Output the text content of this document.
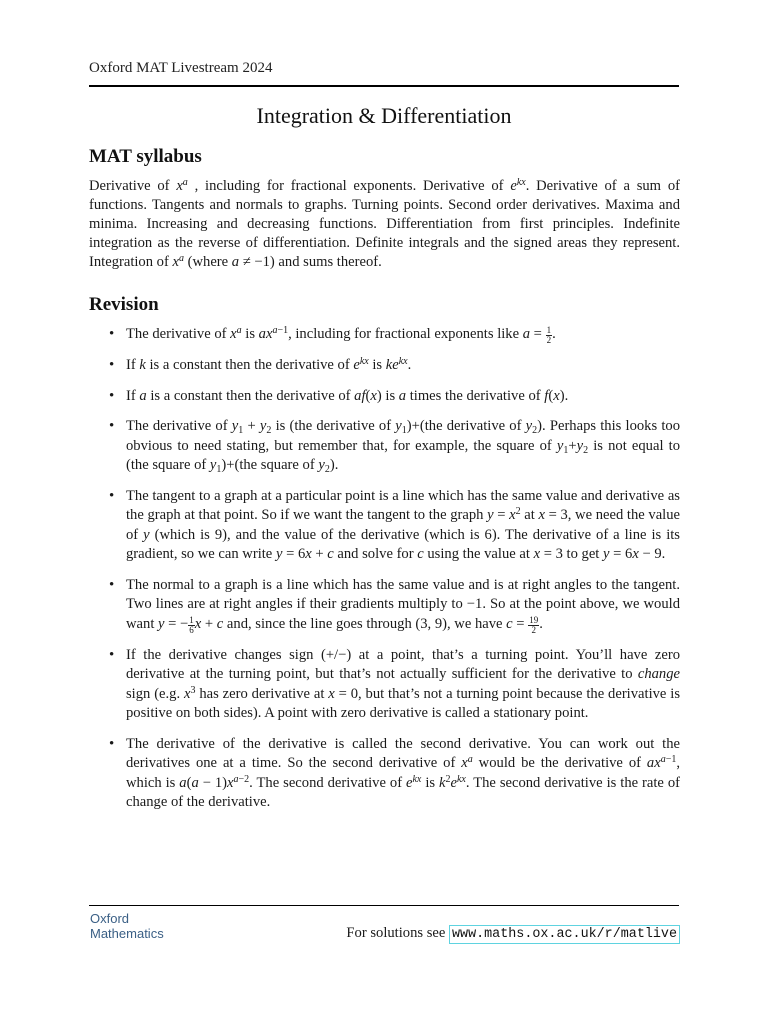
Oxford MAT Livestream 2024
Integration & Differentiation
MAT syllabus
Derivative of $x^a$ , including for fractional exponents. Derivative of $e^{kx}$. Derivative of a sum of functions. Tangents and normals to graphs. Turning points. Second order derivatives. Maxima and minima. Increasing and decreasing functions. Differentiation from first principles. Indefinite integration as the reverse of differentiation. Definite integrals and the signed areas they represent. Integration of $x^a$ (where a ≠ −1) and sums thereof.
Revision
• The derivative of $x^a$ is $ax^{a-1}$, including for fractional exponents like $a = \frac{1}{2}$ .
• If k is a constant then the derivative of $e^{kx}$ is $ke^{kx}$.
• If a is a constant then the derivative of af(x) is a times the derivative of f(x).
• The derivative of $y_1 + y_2$ is (the derivative of $y_1)+(the$ derivative of $y_2$). Perhaps this looks too obvious to need stating, but remember that, for example, the square of $y_1+y_2$ is not equal to (the square of $y_1)+(the$ square of $y_2$).
• The tangent to a graph at a particular point is a line which has the same value and derivative as the graph at that point. So if we want the tangent to the graph $y = x^2$ at x = 3, we need the value of y (which is 9), and the value of the derivative (which is 6). The derivative of a line is its gradient, so we can write y = 6x + c and solve for c using the value at x = 3 to get y = 6x − 9.
• The normal to a graph is a line which has the same value and is at right angles to the tangent. Two lines are at right angles if their gradients multiply to −1. So at the point above, we would want y = − $\frac{1}{6}$ x + c and, since the line goes through (3, 9), we have $c = \frac{19}{2}$ .
• If the derivative changes sign (+/−) at a point, that’s a turning point. You’ll have zero derivative at the turning point, but that’s not actually sufficient for the derivative to change sign (e.g. $x^3$ has zero derivative at x = 0, but that’s not a turning point because the derivative is positive on both sides). A point with zero derivative is called a stationary point.
• The derivative of the derivative is called the second derivative. You can work out the derivatives one at a time. So the second derivative of $x^a$ would be the derivative of $ax^{a-1}$, which is $a(a - 1)x^{a-2}$. The second derivative of $e^{kx}$ is $k^2e^{kx}$. The second derivative is the rate of change of the derivative.
Oxford
Mathematics	For solutions see www.maths.ox.ac.uk/r/matlive
